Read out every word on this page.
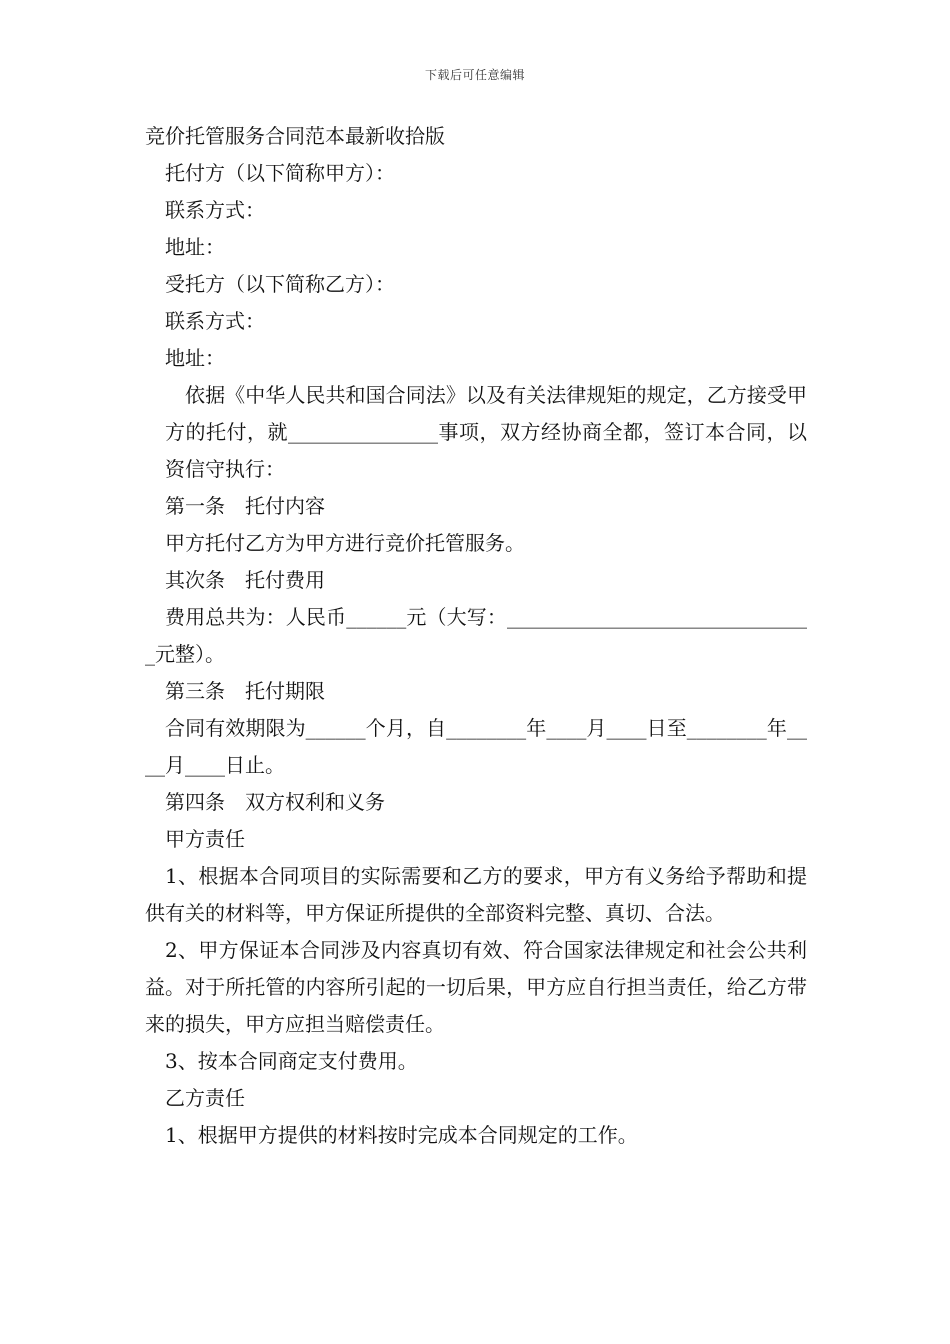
下载后可任意编辑

竞价托管服务合同范本最新收拾版

托付方（以下简称甲方）：

联系方式：

地址：

受托方（以下简称乙方）：

联系方式：

地址：

依据《中华人民共和国合同法》以及有关法律规矩的规定，乙方接受甲方的托付，就_______________事项，双方经协商全都，签订本合同，以资信守执行：

第一条　托付内容

甲方托付乙方为甲方进行竞价托管服务。

其次条　托付费用

费用总共为：人民币______元（大写：_______________________________元整）。

第三条　托付期限

合同有效期限为______个月，自________年____月____日至________年____月____日止。

第四条　双方权利和义务

甲方责任

1、根据本合同项目的实际需要和乙方的要求，甲方有义务给予帮助和提供有关的材料等，甲方保证所提供的全部资料完整、真切、合法。

2、甲方保证本合同涉及内容真切有效、符合国家法律规定和社会公共利益。对于所托管的内容所引起的一切后果，甲方应自行担当责任，给乙方带来的损失，甲方应担当赔偿责任。

3、按本合同商定支付费用。

乙方责任

1、根据甲方提供的材料按时完成本合同规定的工作。
